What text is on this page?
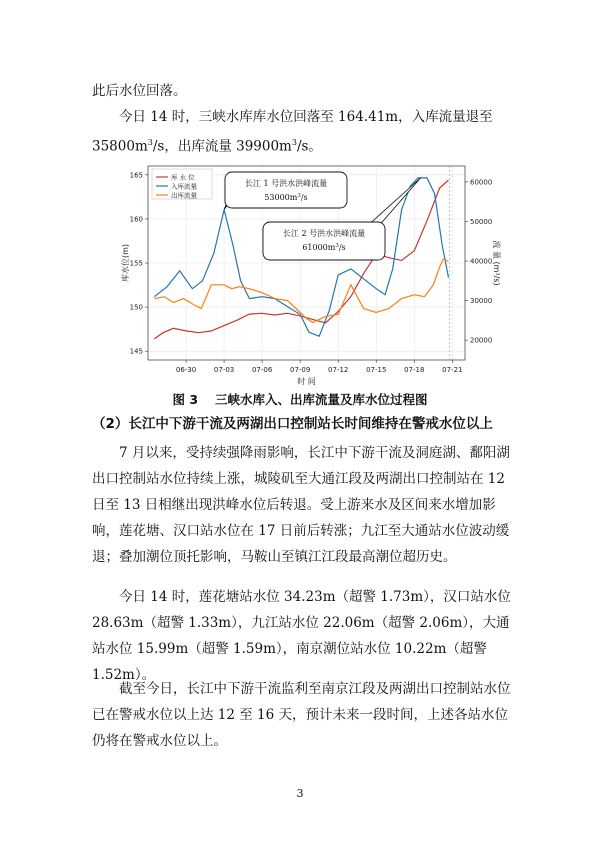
此后水位回落。

今日 14 时，三峡水库库水位回落至 164.41m，入库流量退至
$35800m^3/s$，出库流量 $39900m^3/s$。

06-30	07-03	07-06	07-09	07-12	07-15	07-18	07-21
145
150
155
160
165
20000
30000
40000
50000
60000
时 间
库水位(m)	流 量 (m³/s)
库 水 位
入库流量
出库流量
长江 1 号洪水洪峰流量
$53000m^3/s$
长江 2 号洪水洪峰流量
$61000m^3/s$
图 3　 三峡水库入、出库流量及库水位过程图
（2）长江中下游干流及两湖出口控制站长时间维持在警戒水位以上

7 月以来，受持续强降雨影响，长江中下游干流及洞庭湖、鄱阳湖出口控制站水位持续上涨，城陵矶至大通江段及两湖出口控制站在 12 日至 13 日相继出现洪峰水位后转退。受上游来水及区间来水增加影响，莲花塘、汉口站水位在 17 日前后转涨；九江至大通站水位波动缓退；叠加潮位顶托影响，马鞍山至镇江江段最高潮位超历史。

今日 14 时，莲花塘站水位 34.23m（超警 1.73m），汉口站水位 28.63m（超警 1.33m），九江站水位 22.06m（超警 2.06m），大通站水位 15.99m（超警 1.59m），南京潮位站水位 10.22m（超警 1.52m）。

截至今日，长江中下游干流监利至南京江段及两湖出口控制站水位已在警戒水位以上达 12 至 16 天，预计未来一段时间，上述各站水位仍将在警戒水位以上。

3
